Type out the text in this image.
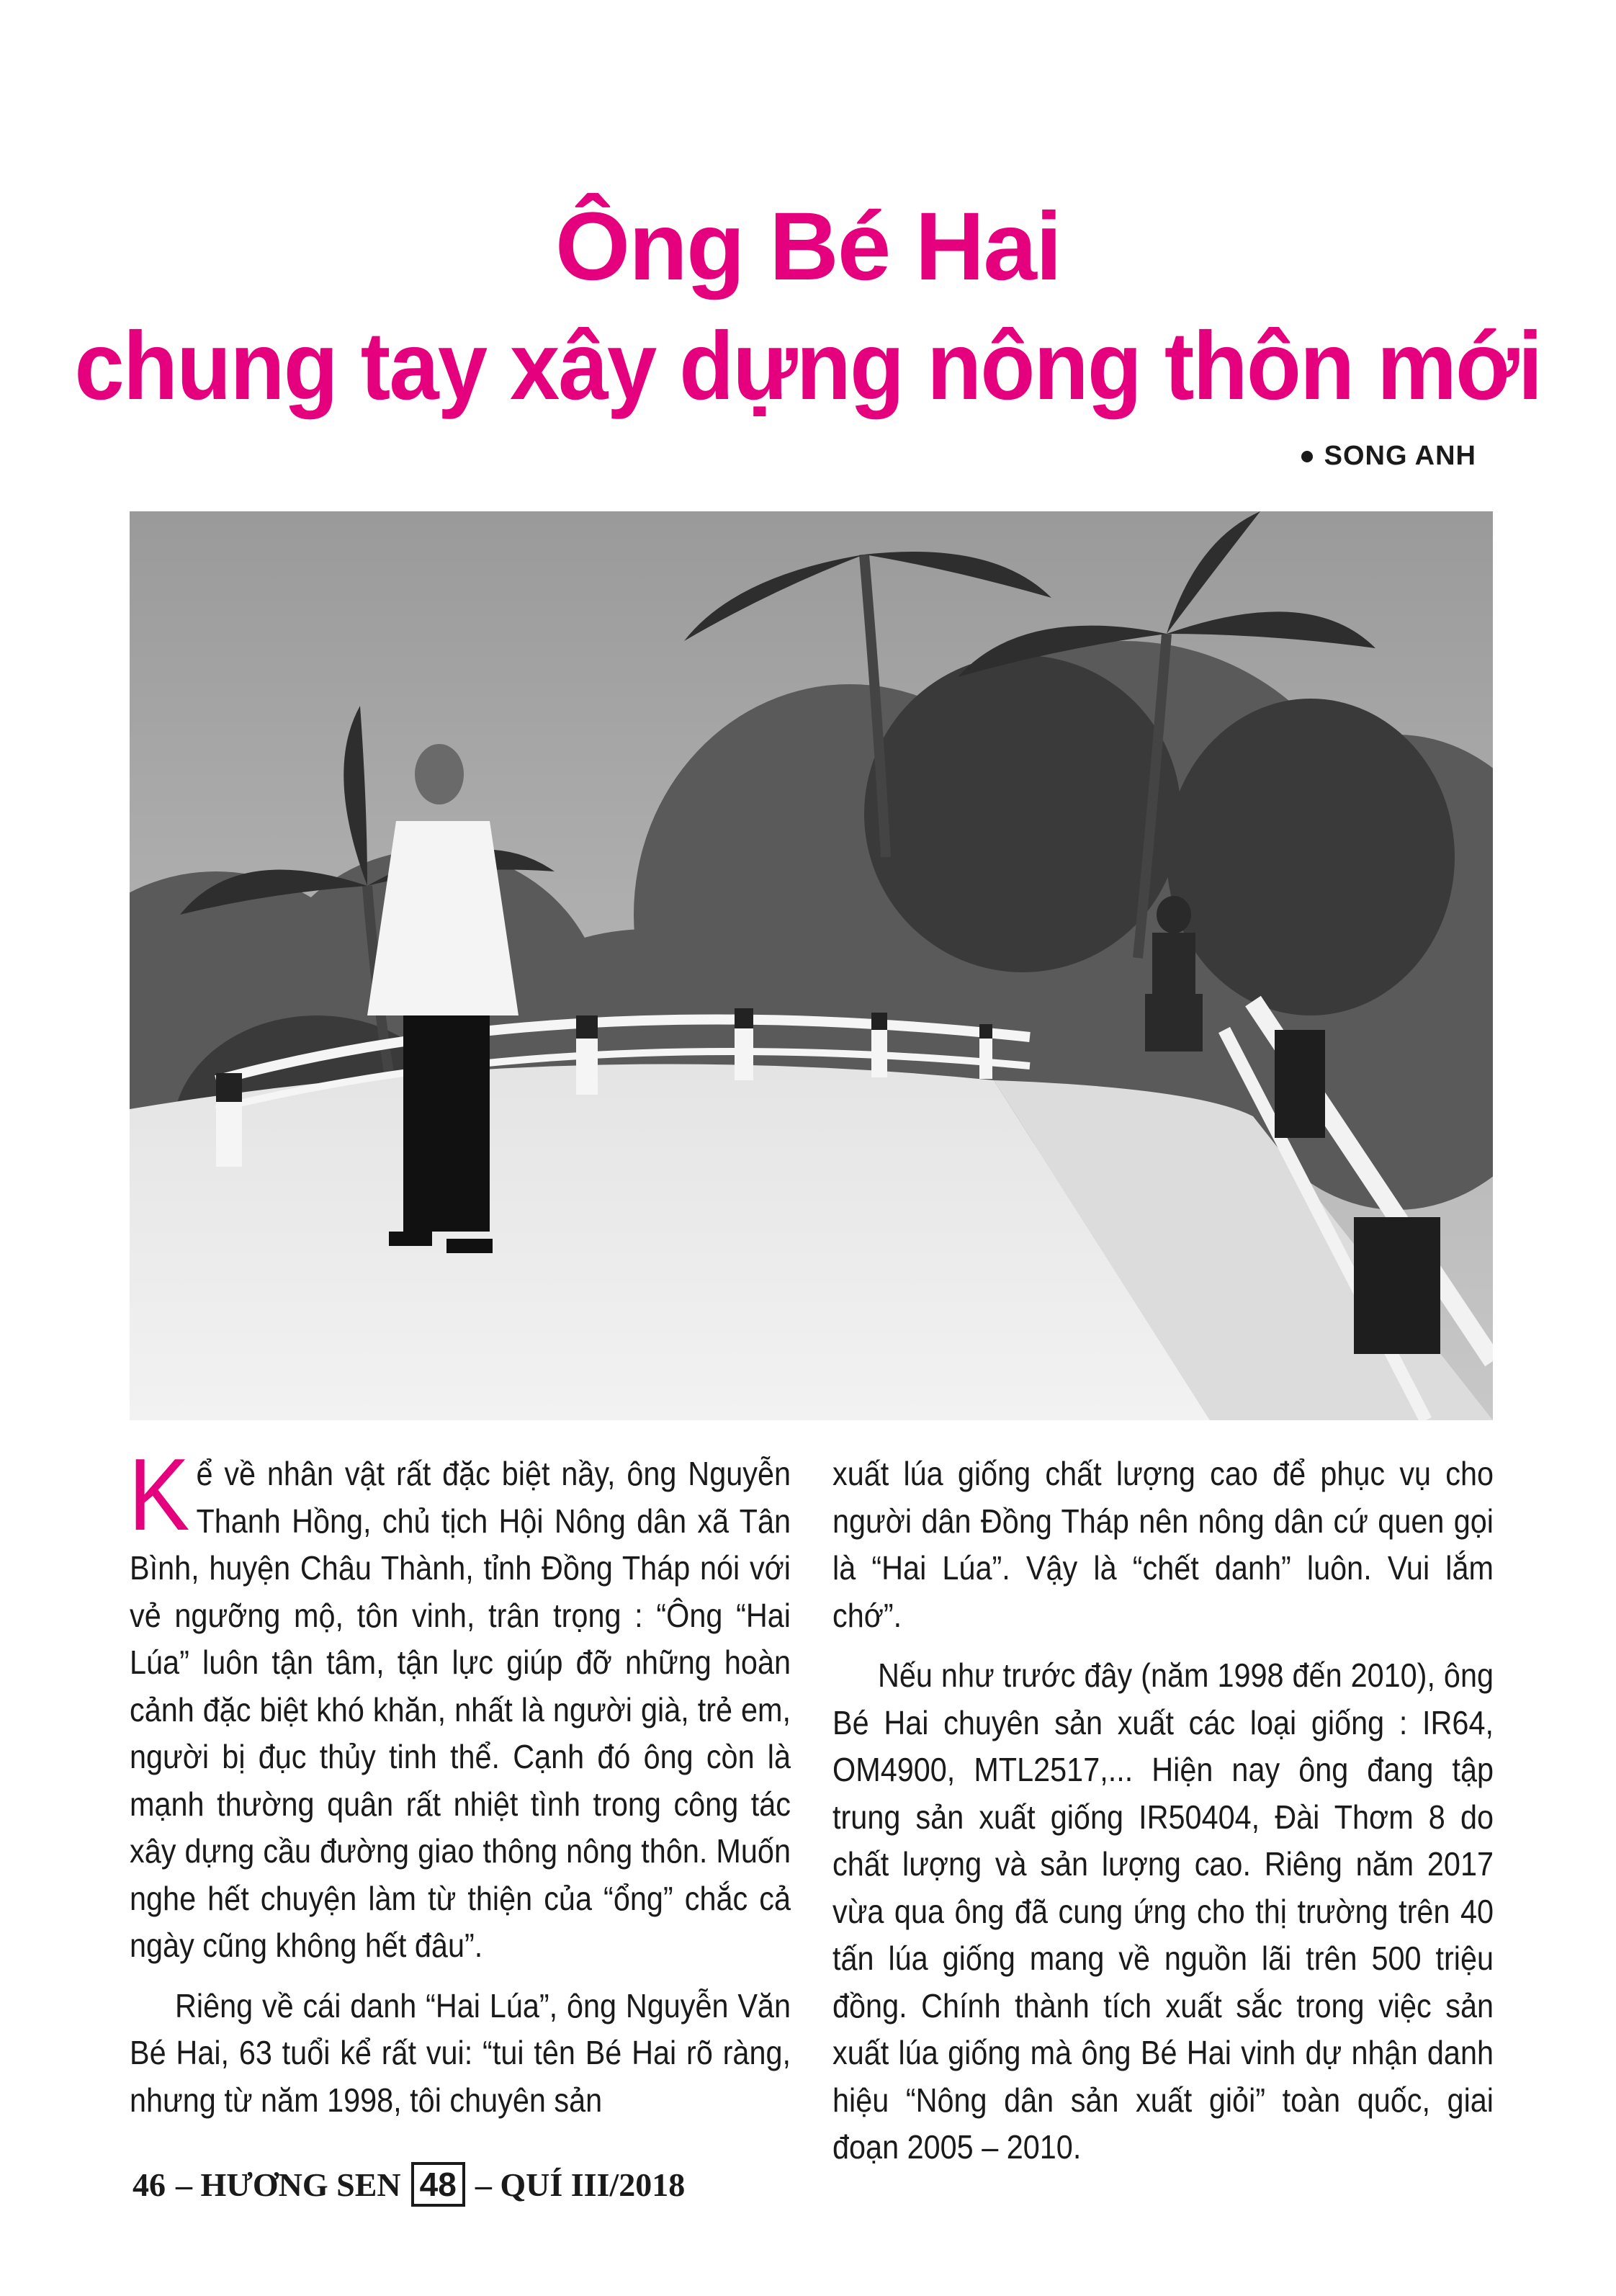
Ông Bé Hai
chung tay xây dựng nông thôn mới
SONG ANH

Kể về nhân vật rất đặc biệt nầy, ông Nguyễn Thanh Hồng, chủ tịch Hội Nông dân xã Tân Bình, huyện Châu Thành, tỉnh Đồng Tháp nói với vẻ ngưỡng mộ, tôn vinh, trân trọng : “Ông “Hai Lúa” luôn tận tâm, tận lực giúp đỡ những hoàn cảnh đặc biệt khó khăn, nhất là người già, trẻ em, người bị đục thủy tinh thể. Cạnh đó ông còn là mạnh thường quân rất nhiệt tình trong công tác xây dựng cầu đường giao thông nông thôn. Muốn nghe hết chuyện làm từ thiện của “ổng” chắc cả ngày cũng không hết đâu”.

Riêng về cái danh “Hai Lúa”, ông Nguyễn Văn Bé Hai, 63 tuổi kể rất vui: “tui tên Bé Hai rõ ràng, nhưng từ năm 1998, tôi chuyên sản

xuất lúa giống chất lượng cao để phục vụ cho người dân Đồng Tháp nên nông dân cứ quen gọi là “Hai Lúa”. Vậy là “chết danh” luôn. Vui lắm chớ”.

Nếu như trước đây (năm 1998 đến 2010), ông Bé Hai chuyên sản xuất các loại giống : IR64, OM4900, MTL2517,... Hiện nay ông đang tập trung sản xuất giống IR50404, Đài Thơm 8 do chất lượng và sản lượng cao. Riêng năm 2017 vừa qua ông đã cung ứng cho thị trường trên 40 tấn lúa giống mang về nguồn lãi trên 500 triệu đồng. Chính thành tích xuất sắc trong việc sản xuất lúa giống mà ông Bé Hai vinh dự nhận danh hiệu “Nông dân sản xuất giỏi” toàn quốc, giai đoạn 2005 – 2010.

46 – HƯƠNG SEN 48 – QUÍ III/2018
